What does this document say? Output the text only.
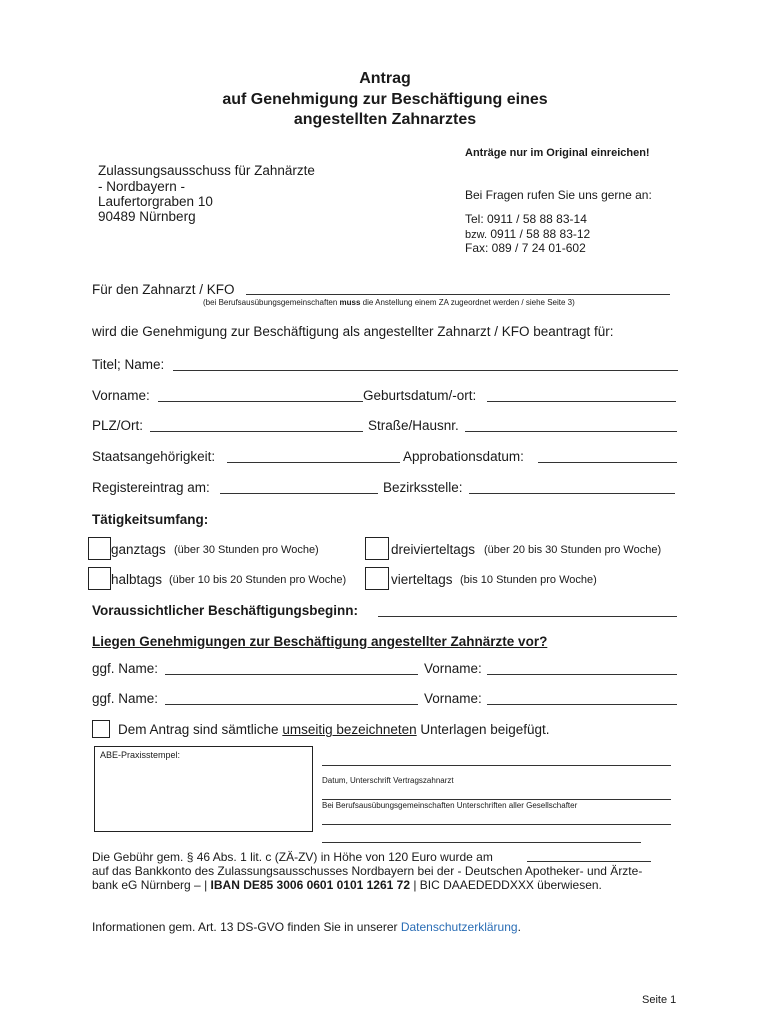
Antrag
auf Genehmigung zur Beschäftigung eines
angestellten Zahnarztes
Anträge nur im Original einreichen!
Zulassungsausschuss für Zahnärzte
- Nordbayern -
Laufertorgraben 10
90489 Nürnberg
Bei Fragen rufen Sie uns gerne an:
Tel: 0911 / 58 88 83-14
bzw. 0911 / 58 88 83-12
Fax: 089 / 7 24 01-602
Für den Zahnarzt / KFO
(bei Berufsausübungsgemeinschaften muss die Anstellung einem ZA zugeordnet werden / siehe Seite 3)
wird die Genehmigung zur Beschäftigung als angestellter Zahnarzt / KFO beantragt für:
Titel; Name:
Vorname:	Geburtsdatum/-ort:
PLZ/Ort:	Straße/Hausnr.
Staatsangehörigkeit:	Approbationsdatum:
Registereintrag am:	Bezirksstelle:
Tätigkeitsumfang:
ganztags (über 30 Stunden pro Woche)	dreivierteltags (über 20 bis 30 Stunden pro Woche)
halbtags (über 10 bis 20 Stunden pro Woche)	vierteltags (bis 10 Stunden pro Woche)
Voraussichtlicher Beschäftigungsbeginn:
Liegen Genehmigungen zur Beschäftigung angestellter Zahnärzte vor?
ggf. Name:	Vorname:
ggf. Name:	Vorname:
Dem Antrag sind sämtliche umseitig bezeichneten Unterlagen beigefügt.
ABE-Praxisstempel:
Datum, Unterschrift Vertragszahnarzt
Bei Berufsausübungsgemeinschaften Unterschriften aller Gesellschafter
Die Gebühr gem. § 46 Abs. 1 lit. c (ZÄ-ZV) in Höhe von 120 Euro wurde am
auf das Bankkonto des Zulassungsausschusses Nordbayern bei der - Deutschen Apotheker- und Ärzte-
bank eG Nürnberg – | IBAN DE85 3006 0601 0101 1261 72 | BIC DAAEDEDDXXX überwiesen.
Informationen gem. Art. 13 DS-GVO finden Sie in unserer Datenschutzerklärung.
Seite 1
